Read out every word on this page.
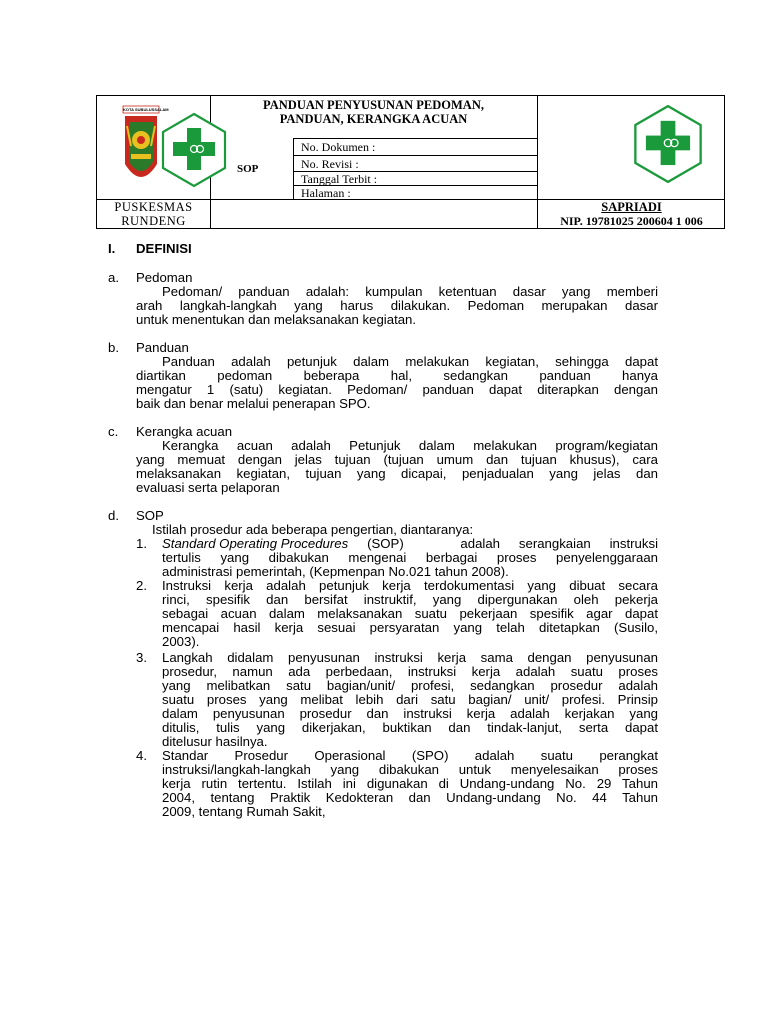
KOTA SUBULUSSALAM	PANDUAN PENYUSUNAN PEDOMAN,
PANDUAN, KERANGKA ACUAN
SOP
No. Dokumen :
No. Revisi :
Tanggal Terbit :
Halaman :
PUSKESMAS
RUNDENG
SAPRIADI
NIP. 19781025 200604 1 006
I. DEFINISI
a. Pedoman
Pedoman/ panduan adalah: kumpulan ketentuan dasar yang memberi
arah langkah-langkah yang harus dilakukan. Pedoman merupakan dasar
untuk menentukan dan melaksanakan kegiatan.
b. Panduan
Panduan adalah petunjuk dalam melakukan kegiatan, sehingga dapat
diartikan pedoman beberapa hal, sedangkan panduan hanya
mengatur 1 (satu) kegiatan. Pedoman/ panduan dapat diterapkan dengan
baik dan benar melalui penerapan SPO.
c. Kerangka acuan
Kerangka acuan adalah Petunjuk dalam melakukan program/kegiatan
yang memuat dengan jelas tujuan (tujuan umum dan tujuan khusus), cara
melaksanakan kegiatan, tujuan yang dicapai, penjadualan yang jelas dan
evaluasi serta pelaporan
d. SOP
Istilah prosedur ada beberapa pengertian, diantaranya:
1. Standard Operating Procedures (SOP)   adalah serangkaian instruksi
tertulis yang dibakukan mengenai berbagai proses penyelenggaraan
administrasi pemerintah, (Kepmenpan No.021 tahun 2008).
2. Instruksi kerja adalah petunjuk kerja terdokumentasi yang dibuat secara
rinci, spesifik dan bersifat instruktif, yang dipergunakan oleh pekerja
sebagai acuan dalam melaksanakan suatu pekerjaan spesifik agar dapat
mencapai hasil kerja sesuai persyaratan yang telah ditetapkan (Susilo,
2003).
3. Langkah didalam penyusunan instruksi kerja sama dengan penyusunan
prosedur, namun ada perbedaan, instruksi kerja adalah suatu proses
yang melibatkan satu bagian/unit/ profesi, sedangkan prosedur adalah
suatu proses yang melibat lebih dari satu bagian/ unit/ profesi. Prinsip
dalam penyusunan prosedur dan instruksi kerja adalah kerjakan yang
ditulis, tulis yang dikerjakan, buktikan dan tindak-lanjut, serta dapat
ditelusur hasilnya.
4. Standar Prosedur Operasional (SPO) adalah suatu perangkat
instruksi/langkah-langkah yang dibakukan untuk menyelesaikan proses
kerja rutin tertentu. Istilah ini digunakan di Undang-undang No. 29 Tahun
2004, tentang Praktik Kedokteran dan Undang-undang No. 44 Tahun
2009, tentang Rumah Sakit,
